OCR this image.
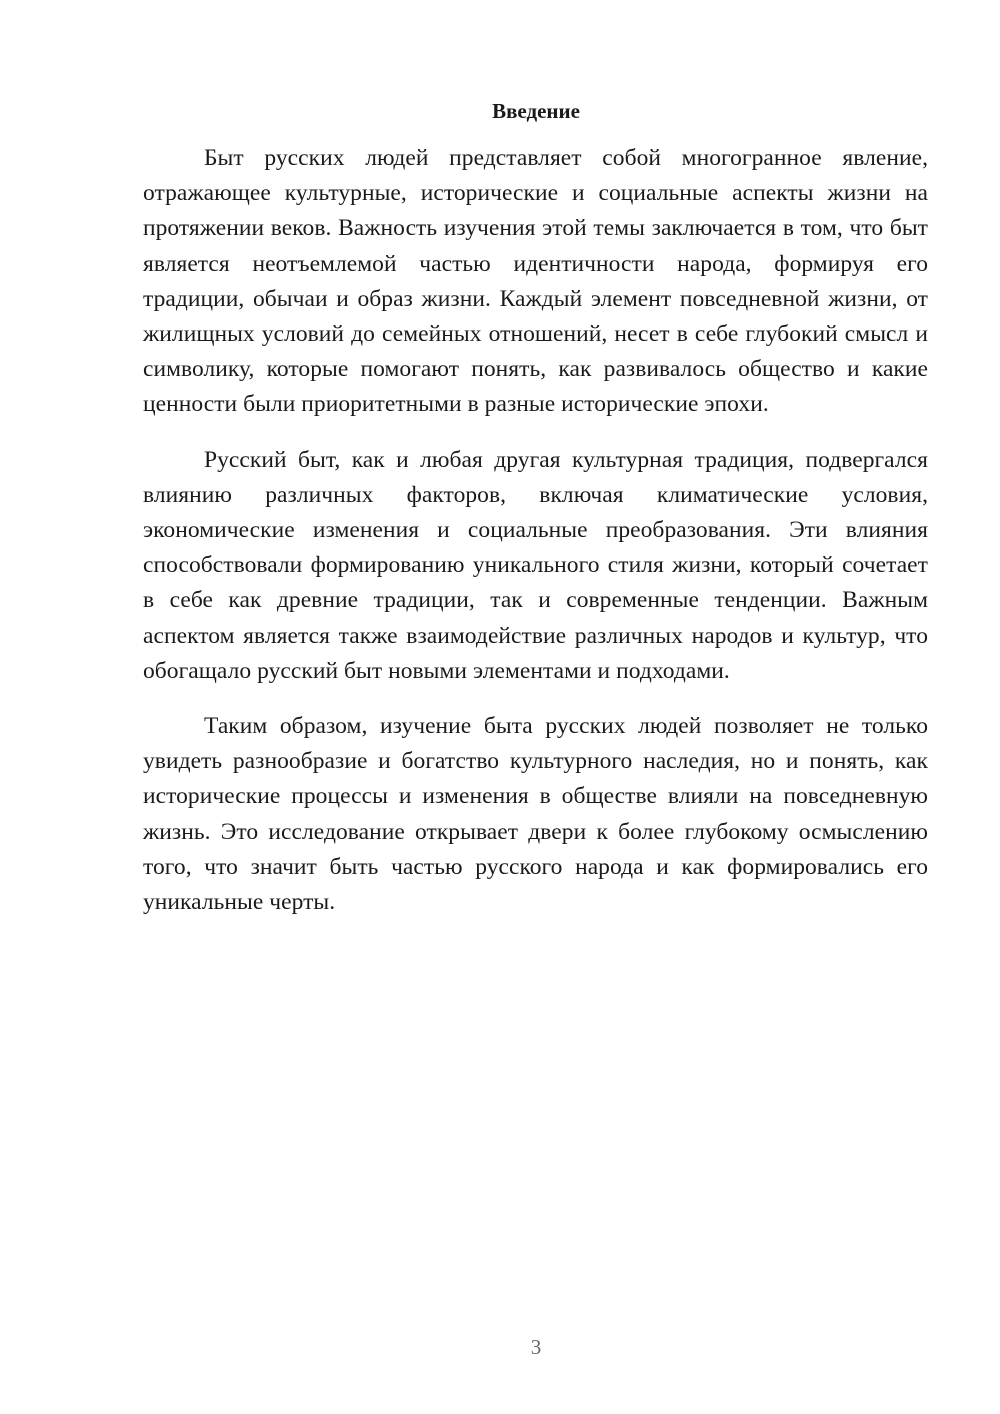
Введение

Быт русских людей представляет собой многогранное явление, отражающее культурные, исторические и социальные аспекты жизни на протяжении веков. Важность изучения этой темы заключается в том, что быт является неотъемлемой частью идентичности народа, формируя его традиции, обычаи и образ жизни. Каждый элемент повседневной жизни, от жилищных условий до семейных отношений, несет в себе глубокий смысл и символику, которые помогают понять, как развивалось общество и какие ценности были приоритетными в разные исторические эпохи.

Русский быт, как и любая другая культурная традиция, подвергался влиянию различных факторов, включая климатические условия, экономические изменения и социальные преобразования. Эти влияния способствовали формированию уникального стиля жизни, который сочетает в себе как древние традиции, так и современные тенденции. Важным аспектом является также взаимодействие различных народов и культур, что обогащало русский быт новыми элементами и подходами.

Таким образом, изучение быта русских людей позволяет не только увидеть разнообразие и богатство культурного наследия, но и понять, как исторические процессы и изменения в обществе влияли на повседневную жизнь. Это исследование открывает двери к более глубокому осмыслению того, что значит быть частью русского народа и как формировались его уникальные черты.

3
